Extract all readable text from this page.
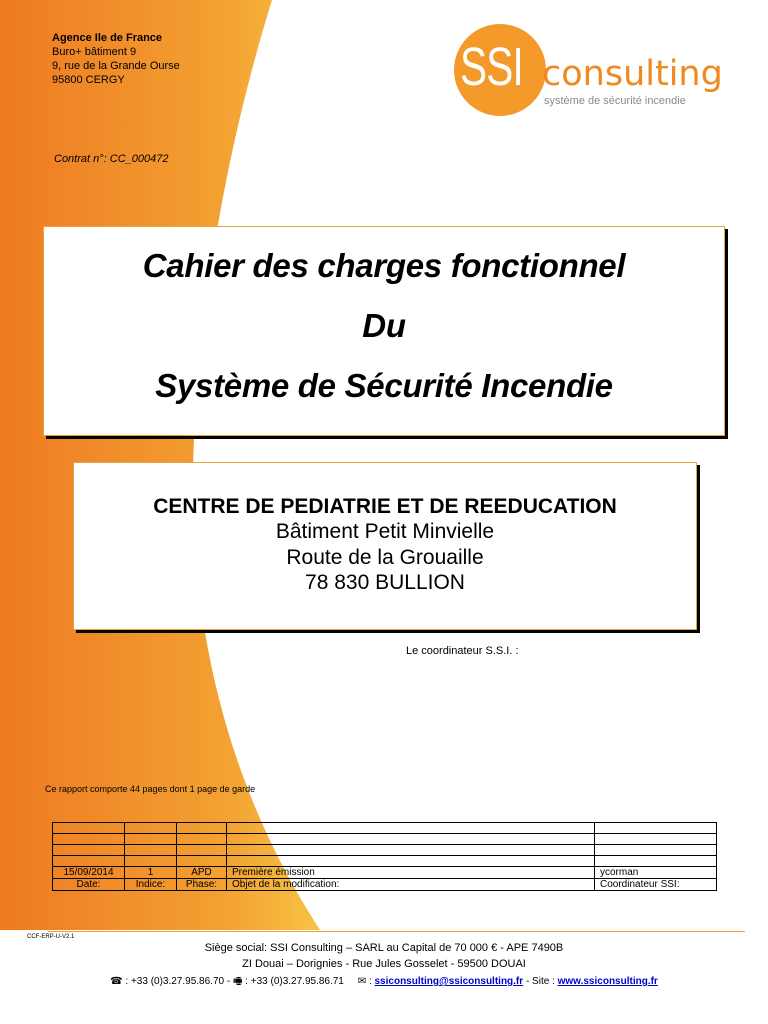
Agence Ile de France
Buro+ bâtiment 9
9, rue de la Grande Ourse
95800 CERGY
Contrat n°: CC_000472
SSI consulting
système de sécurité incendie
Cahier des charges fonctionnel
Du
Système de Sécurité Incendie
CENTRE DE PEDIATRIE ET DE REEDUCATION
Bâtiment Petit Minvielle
Route de la Grouaille
78 830 BULLION
Le coordinateur S.S.I. :
Ce rapport comporte 44 pages dont 1 page de garde

15/09/2014	1	APD	Première émission	ycorman
Date:	Indice:	Phase:	Objet de la modification:	Coordinateur SSI:
CCF-ERP-U-V2.1
Siège social: SSI Consulting – SARL au Capital de 70 000 € - APE 7490B
ZI Douai – Dorignies - Rue Jules Gosselet - 59500 DOUAI
☎ : +33 (0)3.27.95.86.70 - 🖷 : +33 (0)3.27.95.86.71 ✉ : ssiconsulting@ssiconsulting.fr - Site : www.ssiconsulting.fr
